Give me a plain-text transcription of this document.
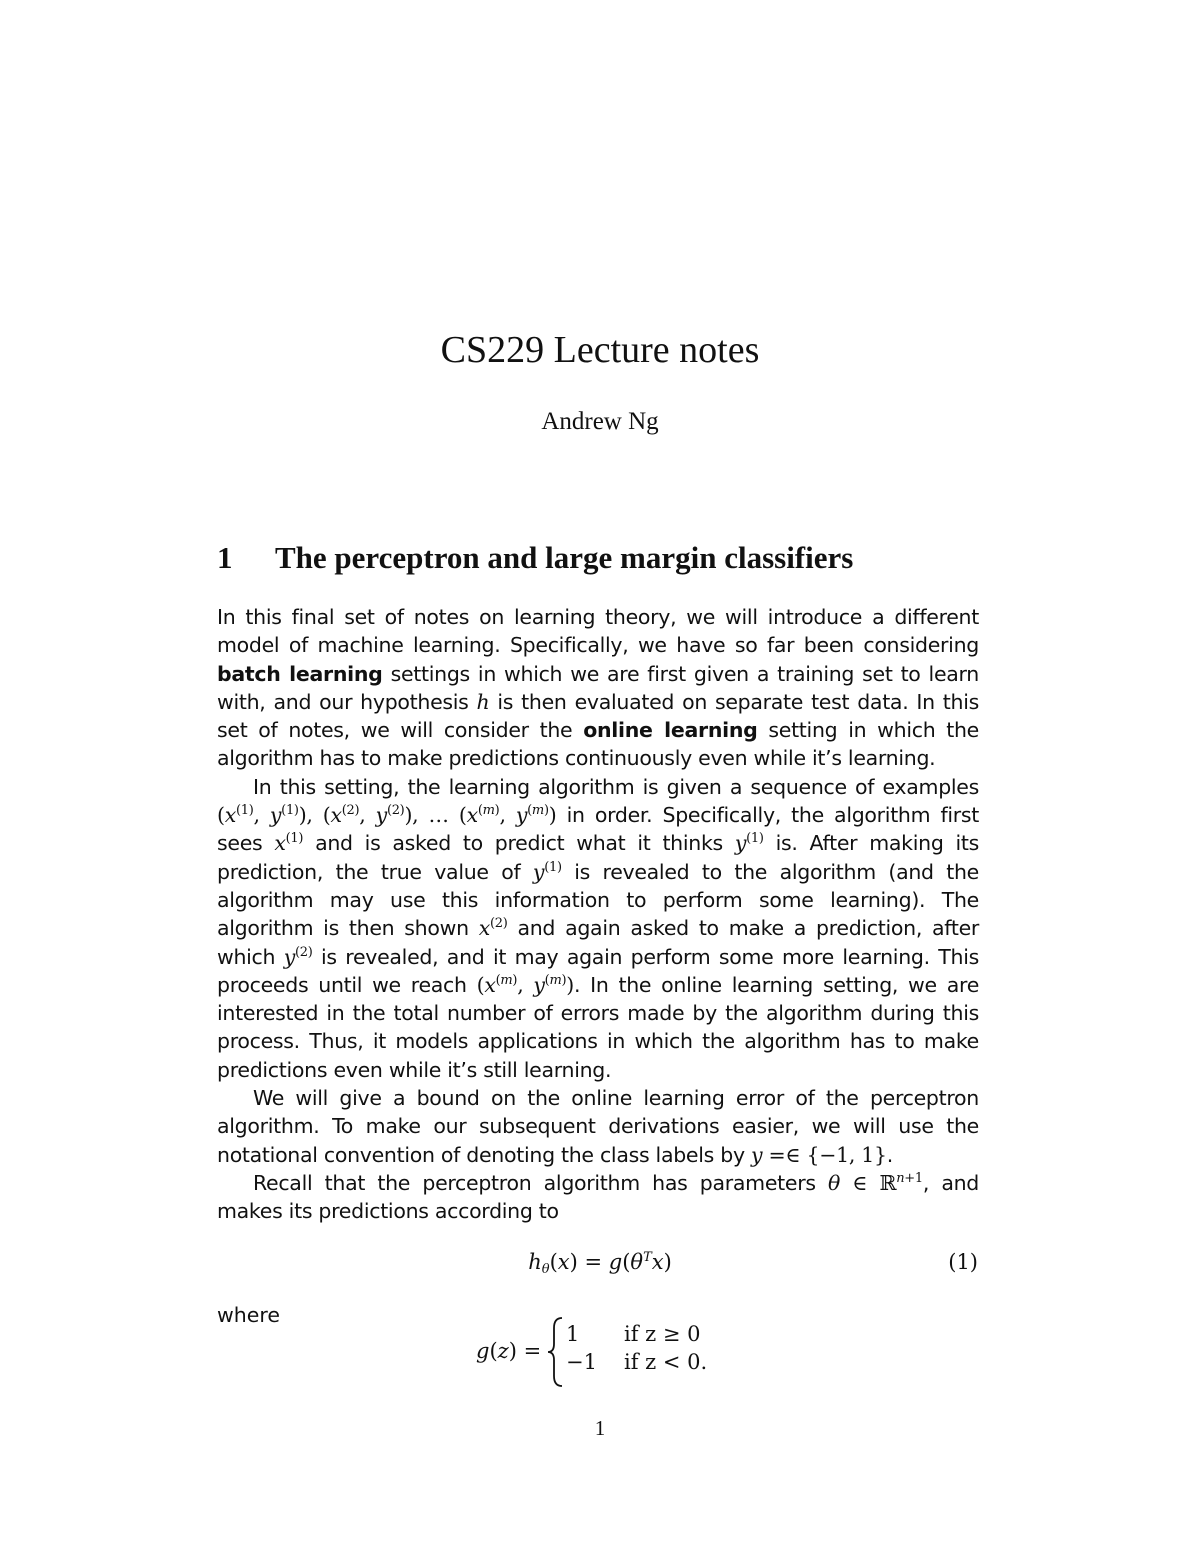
CS229 Lecture notes
Andrew Ng
1 The perceptron and large margin classifiers

In this final set of notes on learning theory, we will introduce a different model of machine learning. Specifically, we have so far been considering batch learning settings in which we are first given a training set to learn with, and our hypothesis h is then evaluated on separate test data. In this set of notes, we will consider the online learning setting in which the algorithm has to make predictions continuously even while it’s learning.

In this setting, the learning algorithm is given a sequence of examples ($x^{(1)}$, $y^{(1)}$), ($x^{(2)}$, $y^{(2)}$), … ($x^{(m)}$, $y^{(m)}$) in order. Specifically, the algorithm first sees $x^{(1)}$ and is asked to predict what it thinks $y^{(1)}$ is. After making its prediction, the true value of $y^{(1)}$ is revealed to the algorithm (and the algorithm may use this information to perform some learning). The algorithm is then shown $x^{(2)}$ and again asked to make a prediction, after which $y^{(2)}$ is revealed, and it may again perform some more learning. This proceeds until we reach ($x^{(m)}$, $y^{(m)}$). In the online learning setting, we are interested in the total number of errors made by the algorithm during this process. Thus, it models applications in which the algorithm has to make predictions even while it’s still learning.

We will give a bound on the online learning error of the perceptron algorithm. To make our subsequent derivations easier, we will use the notational convention of denoting the class labels by y =∈ {−1, 1}.

Recall that the perceptron algorithm has parameters θ ∈ ℝ$^{n+1}$, and makes its predictions according to

$h_\theta(x) = g(\theta^Tx)$	(1)
where
g(z) =
1 if z ≥ 0
−1 if z < 0.
1
